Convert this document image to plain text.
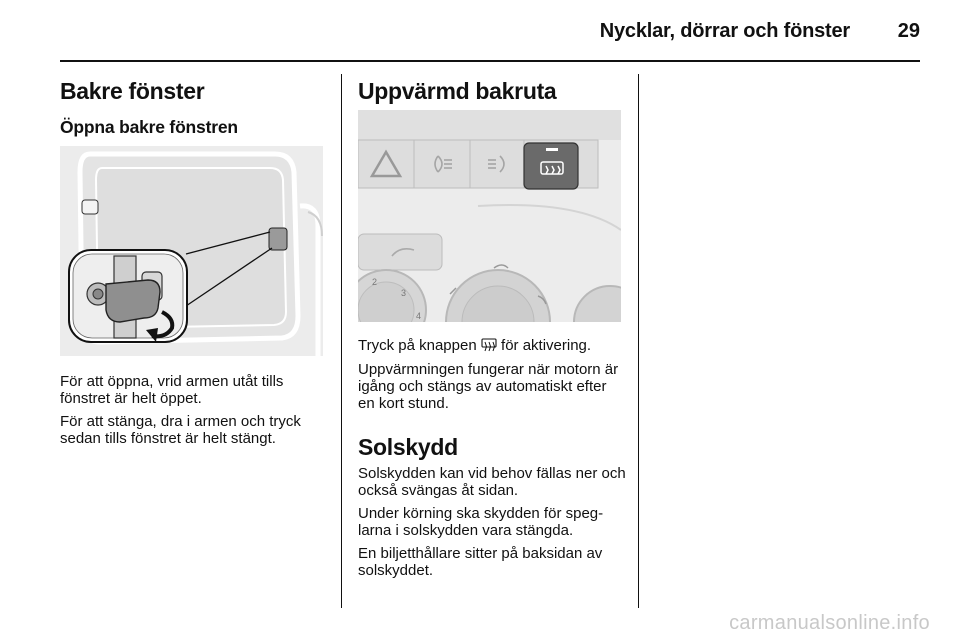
Nycklar, dörrar och fönster	29
Bakre fönster
Öppna bakre fönstren

För att öppna, vrid armen utåt tills fönstret är helt öppet.

För att stänga, dra i armen och tryck sedan tills fönstret är helt stängt.

Uppvärmd bakruta
2
3
4

Tryck på knappen för aktivering.

Uppvärmningen fungerar när motorn är igång och stängs av automatiskt efter en kort stund.

Solskydd

Solskydden kan vid behov fällas ner och också svängas åt sidan.

Under körning ska skydden för speg-larna i solskydden vara stängda.

En biljetthållare sitter på baksidan av solskyddet.

carmanualsonline.info
